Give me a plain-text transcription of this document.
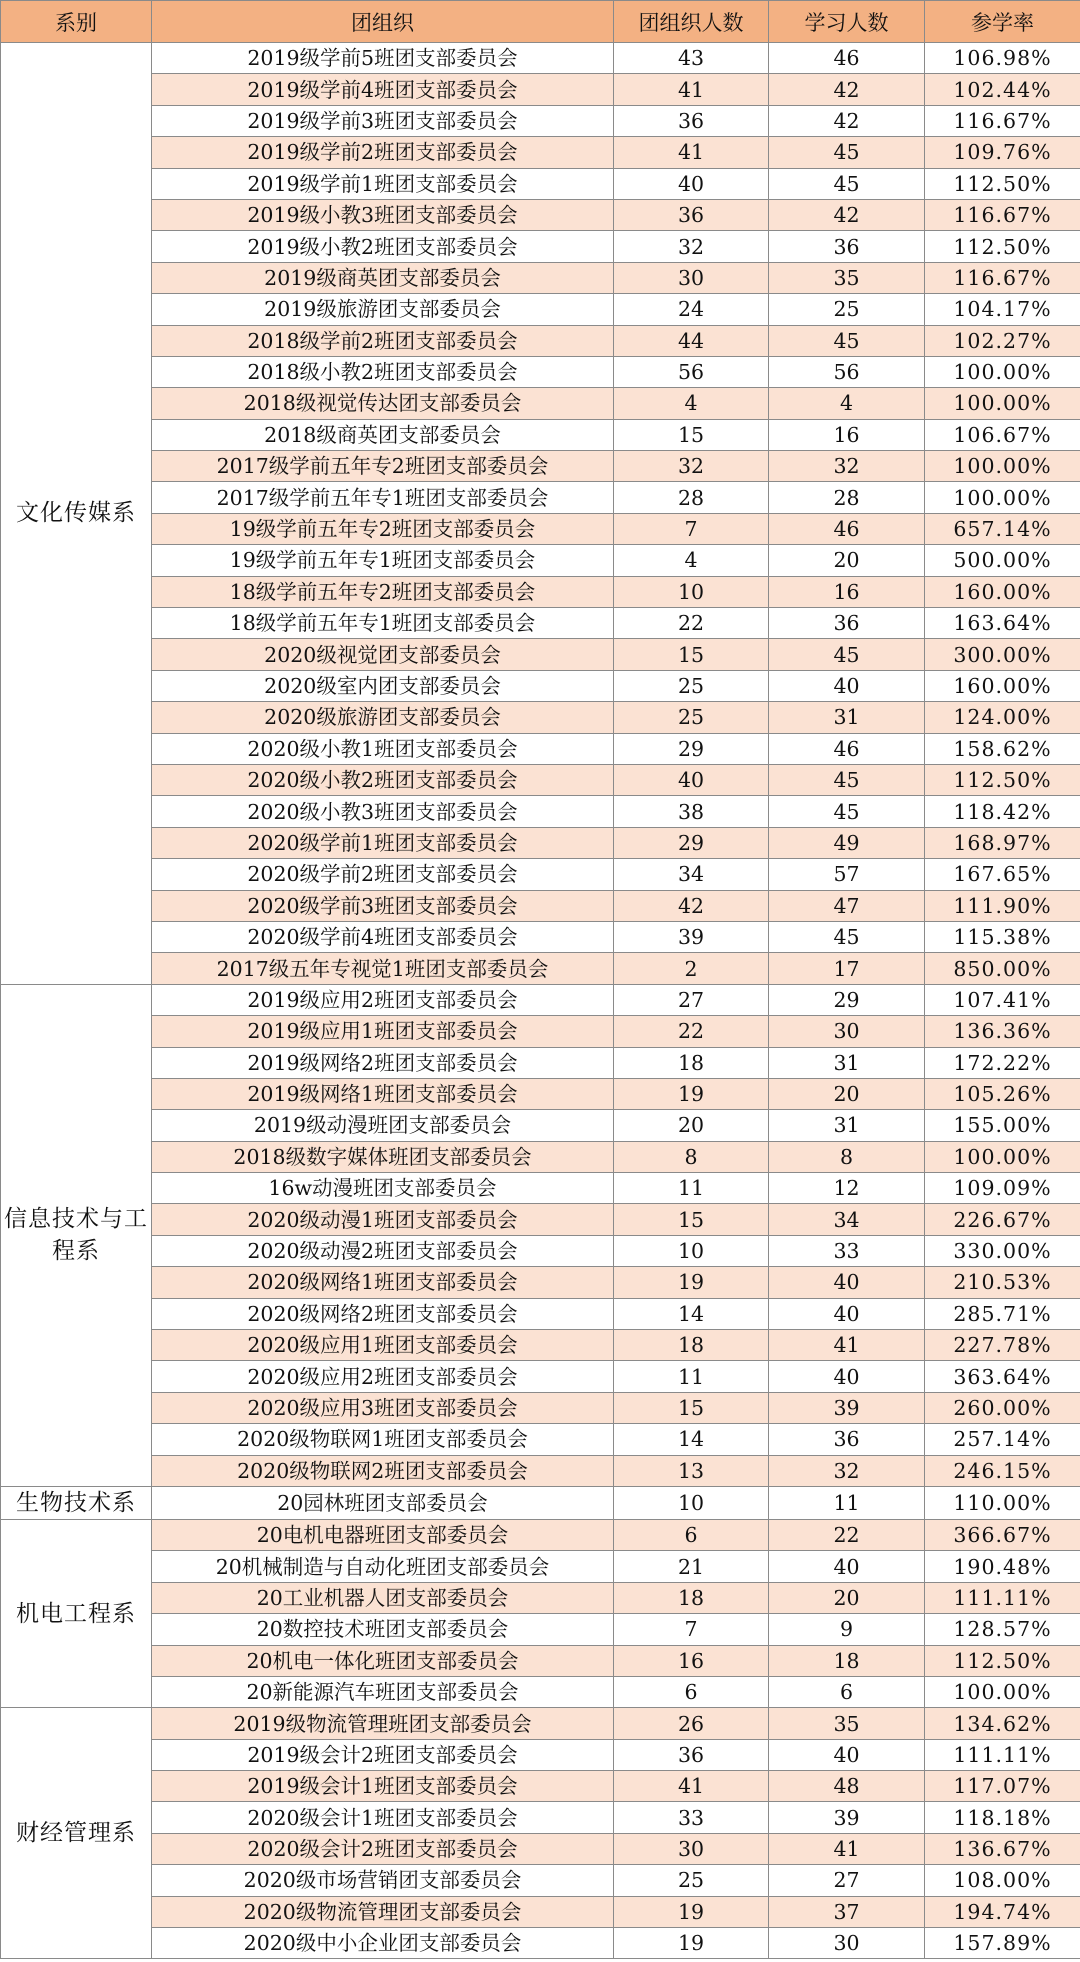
系别	团组织	团组织人数	学习人数	参学率
文化传媒系	2019级学前5班团支部委员会	43	46	106.98%
	2019级学前4班团支部委员会	41	42	102.44%
	2019级学前3班团支部委员会	36	42	116.67%
	2019级学前2班团支部委员会	41	45	109.76%
	2019级学前1班团支部委员会	40	45	112.50%
	2019级小教3班团支部委员会	36	42	116.67%
	2019级小教2班团支部委员会	32	36	112.50%
	2019级商英团支部委员会	30	35	116.67%
	2019级旅游团支部委员会	24	25	104.17%
	2018级学前2班团支部委员会	44	45	102.27%
	2018级小教2班团支部委员会	56	56	100.00%
	2018级视觉传达团支部委员会	4	4	100.00%
	2018级商英团支部委员会	15	16	106.67%
	2017级学前五年专2班团支部委员会	32	32	100.00%
	2017级学前五年专1班团支部委员会	28	28	100.00%
	19级学前五年专2班团支部委员会	7	46	657.14%
	19级学前五年专1班团支部委员会	4	20	500.00%
	18级学前五年专2班团支部委员会	10	16	160.00%
	18级学前五年专1班团支部委员会	22	36	163.64%
	2020级视觉团支部委员会	15	45	300.00%
	2020级室内团支部委员会	25	40	160.00%
	2020级旅游团支部委员会	25	31	124.00%
	2020级小教1班团支部委员会	29	46	158.62%
	2020级小教2班团支部委员会	40	45	112.50%
	2020级小教3班团支部委员会	38	45	118.42%
	2020级学前1班团支部委员会	29	49	168.97%
	2020级学前2班团支部委员会	34	57	167.65%
	2020级学前3班团支部委员会	42	47	111.90%
	2020级学前4班团支部委员会	39	45	115.38%
	2017级五年专视觉1班团支部委员会	2	17	850.00%
信息技术与工程系	2019级应用2班团支部委员会	27	29	107.41%
	2019级应用1班团支部委员会	22	30	136.36%
	2019级网络2班团支部委员会	18	31	172.22%
	2019级网络1班团支部委员会	19	20	105.26%
	2019级动漫班团支部委员会	20	31	155.00%
	2018级数字媒体班团支部委员会	8	8	100.00%
	16w动漫班团支部委员会	11	12	109.09%
	2020级动漫1班团支部委员会	15	34	226.67%
	2020级动漫2班团支部委员会	10	33	330.00%
	2020级网络1班团支部委员会	19	40	210.53%
	2020级网络2班团支部委员会	14	40	285.71%
	2020级应用1班团支部委员会	18	41	227.78%
	2020级应用2班团支部委员会	11	40	363.64%
	2020级应用3班团支部委员会	15	39	260.00%
	2020级物联网1班团支部委员会	14	36	257.14%
	2020级物联网2班团支部委员会	13	32	246.15%
生物技术系	20园林班团支部委员会	10	11	110.00%
机电工程系	20电机电器班团支部委员会	6	22	366.67%
	20机械制造与自动化班团支部委员会	21	40	190.48%
	20工业机器人团支部委员会	18	20	111.11%
	20数控技术班团支部委员会	7	9	128.57%
	20机电一体化班团支部委员会	16	18	112.50%
	20新能源汽车班团支部委员会	6	6	100.00%
财经管理系	2019级物流管理班团支部委员会	26	35	134.62%
	2019级会计2班团支部委员会	36	40	111.11%
	2019级会计1班团支部委员会	41	48	117.07%
	2020级会计1班团支部委员会	33	39	118.18%
	2020级会计2班团支部委员会	30	41	136.67%
	2020级市场营销团支部委员会	25	27	108.00%
	2020级物流管理团支部委员会	19	37	194.74%
	2020级中小企业团支部委员会	19	30	157.89%
